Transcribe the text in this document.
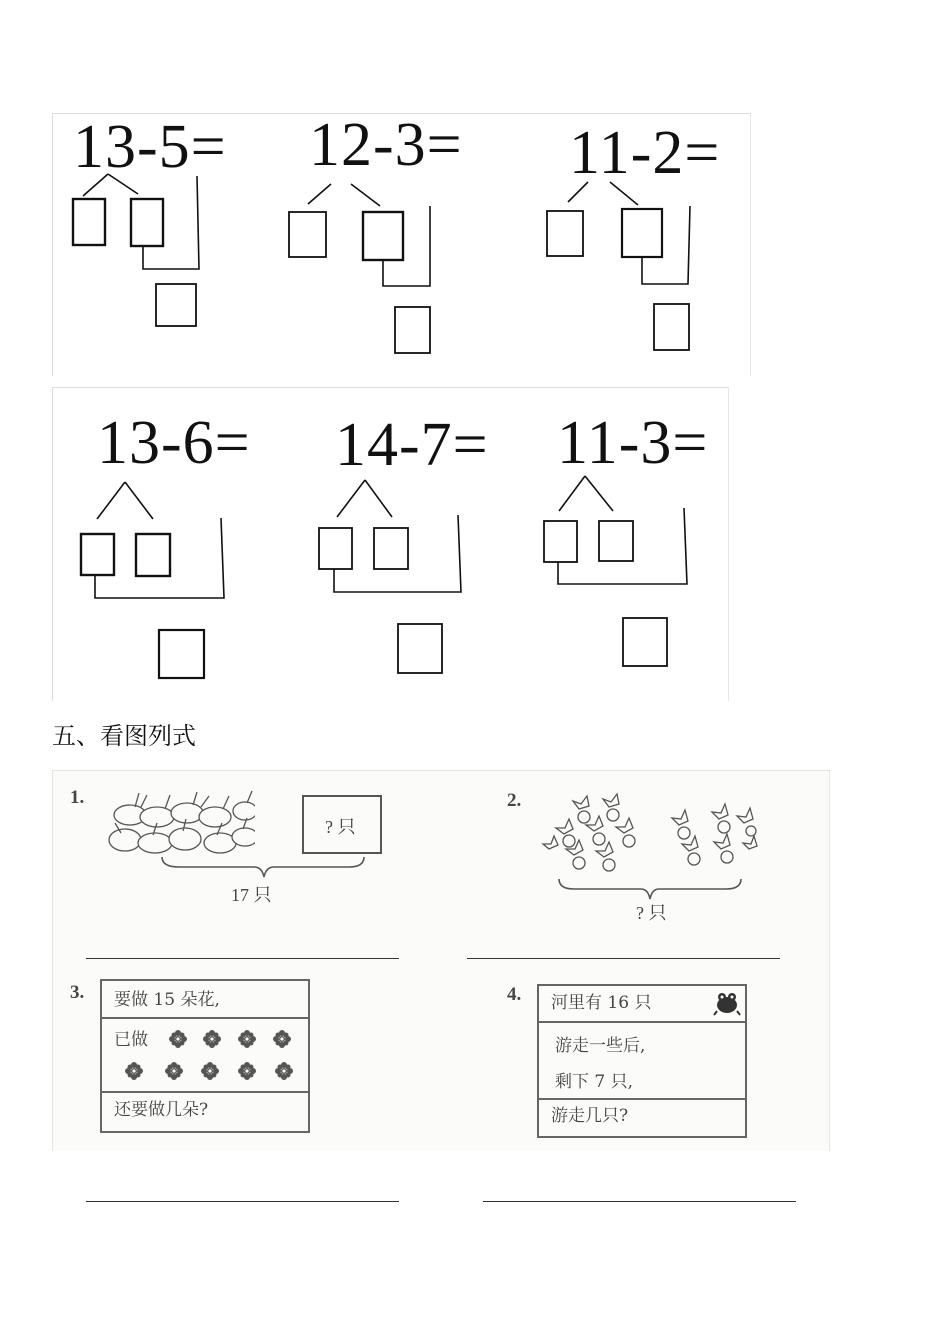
13-5= 12-3= 11-2=
13-6= 14-7= 11-3=
五、看图列式
1.
? 只
17 只
2.
? 只
3.	要做 15 朵花,
已做
还要做几朵?
4.	河里有 16 只
游走一些后,
剩下 7 只,
游走几只?
